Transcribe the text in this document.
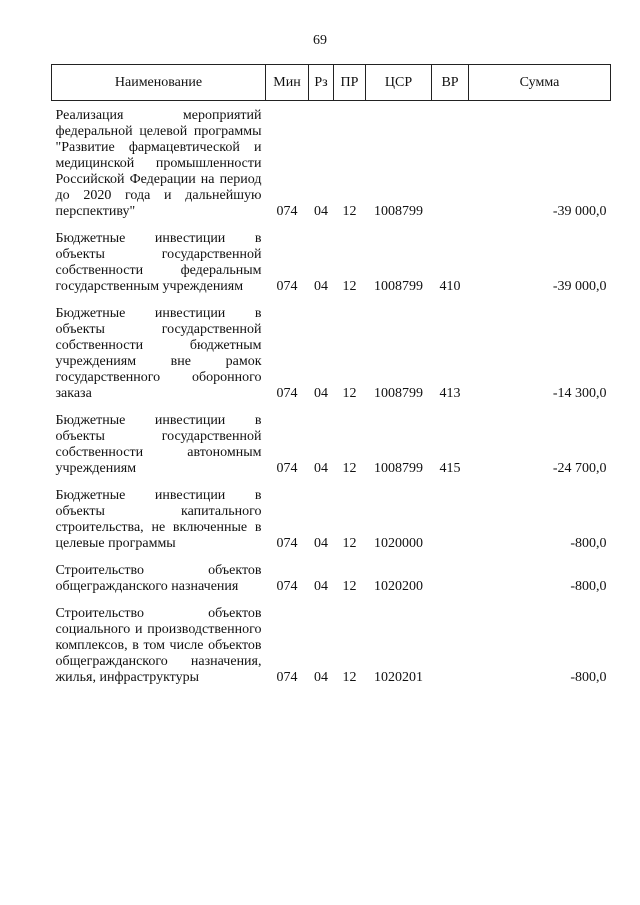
69
Наименование	Мин	Рз	ПР	ЦСР	ВР	Сумма
Реализация мероприятий федеральной целевой программы "Развитие фармацевтической и медицинской промышленности Российской Федерации на период до 2020 года и дальнейшую перспективу"	074	04	12	1008799		-39 000,0
Бюджетные инвестиции в объекты государственной собственности федеральным государственным учреждениям	074	04	12	1008799	410	-39 000,0
Бюджетные инвестиции в объекты государственной собственности бюджетным учреждениям вне рамок государственного оборонного заказа	074	04	12	1008799	413	-14 300,0
Бюджетные инвестиции в объекты государственной собственности автономным учреждениям	074	04	12	1008799	415	-24 700,0
Бюджетные инвестиции в объекты капитального строительства, не включенные в целевые программы	074	04	12	1020000		-800,0
Строительство объектов общегражданского назначения	074	04	12	1020200		-800,0
Строительство объектов социального и производственного комплексов, в том числе объектов общегражданского назначения, жилья, инфраструктуры	074	04	12	1020201		-800,0
